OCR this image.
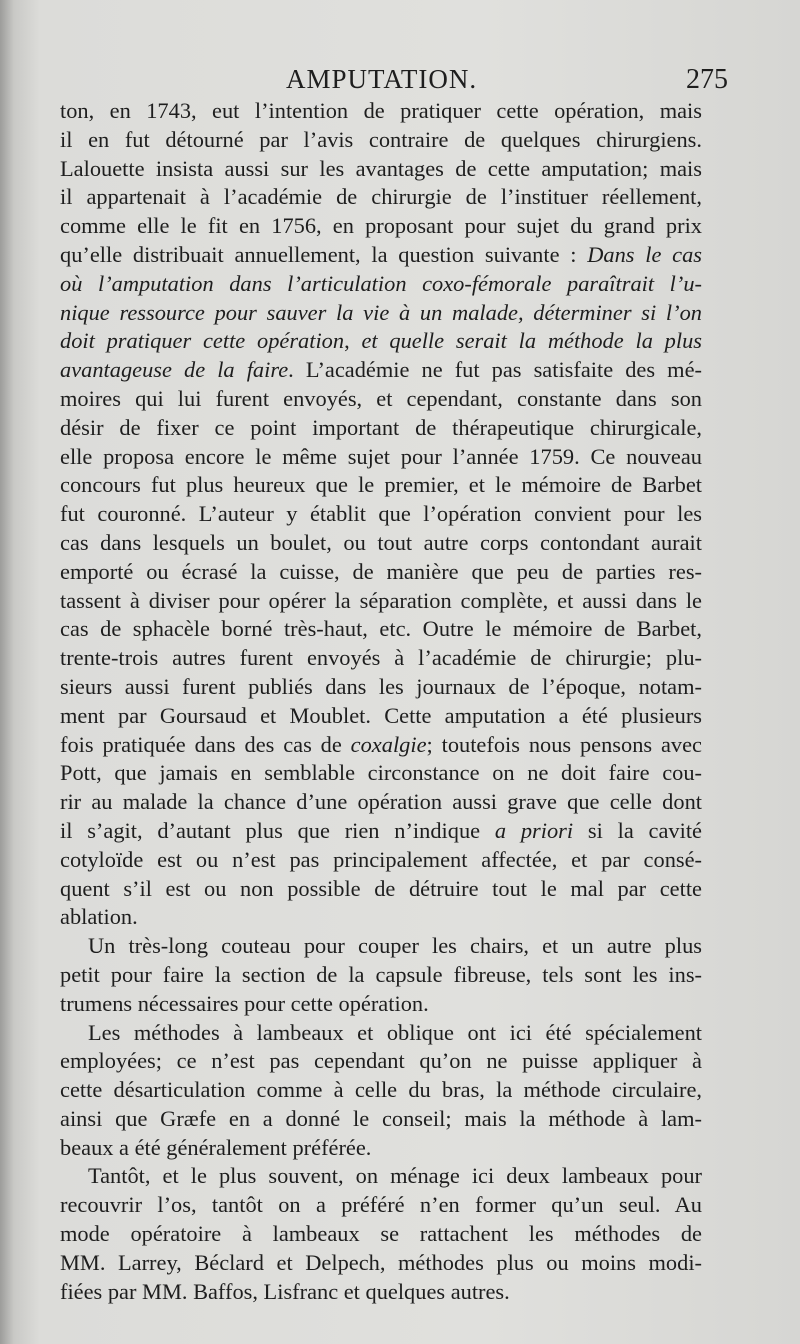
AMPUTATION.	275
ton, en 1743, eut l’intention de pratiquer cette opération, mais
il en fut détourné par l’avis contraire de quelques chirurgiens.
Lalouette insista aussi sur les avantages de cette amputation; mais
il appartenait à l’académie de chirurgie de l’instituer réellement,
comme elle le fit en 1756, en proposant pour sujet du grand prix
qu’elle distribuait annuellement, la question suivante : Dans le cas
où l’amputation dans l’articulation coxo-fémorale paraîtrait l’u-
nique ressource pour sauver la vie à un malade, déterminer si l’on
doit pratiquer cette opération, et quelle serait la méthode la plus
avantageuse de la faire. L’académie ne fut pas satisfaite des mé-
moires qui lui furent envoyés, et cependant, constante dans son
désir de fixer ce point important de thérapeutique chirurgicale,
elle proposa encore le même sujet pour l’année 1759. Ce nouveau
concours fut plus heureux que le premier, et le mémoire de Barbet
fut couronné. L’auteur y établit que l’opération convient pour les
cas dans lesquels un boulet, ou tout autre corps contondant aurait
emporté ou écrasé la cuisse, de manière que peu de parties res-
tassent à diviser pour opérer la séparation complète, et aussi dans le
cas de sphacèle borné très-haut, etc. Outre le mémoire de Barbet,
trente-trois autres furent envoyés à l’académie de chirurgie; plu-
sieurs aussi furent publiés dans les journaux de l’époque, notam-
ment par Goursaud et Moublet. Cette amputation a été plusieurs
fois pratiquée dans des cas de coxalgie; toutefois nous pensons avec
Pott, que jamais en semblable circonstance on ne doit faire cou-
rir au malade la chance d’une opération aussi grave que celle dont
il s’agit, d’autant plus que rien n’indique a priori si la cavité
cotyloïde est ou n’est pas principalement affectée, et par consé-
quent s’il est ou non possible de détruire tout le mal par cette
ablation.
Un très-long couteau pour couper les chairs, et un autre plus
petit pour faire la section de la capsule fibreuse, tels sont les ins-
trumens nécessaires pour cette opération.
Les méthodes à lambeaux et oblique ont ici été spécialement
employées; ce n’est pas cependant qu’on ne puisse appliquer à
cette désarticulation comme à celle du bras, la méthode circulaire,
ainsi que Græfe en a donné le conseil; mais la méthode à lam-
beaux a été généralement préférée.
Tantôt, et le plus souvent, on ménage ici deux lambeaux pour
recouvrir l’os, tantôt on a préféré n’en former qu’un seul. Au
mode opératoire à lambeaux se rattachent les méthodes de
MM. Larrey, Béclard et Delpech, méthodes plus ou moins modi-
fiées par MM. Baffos, Lisfranc et quelques autres.
